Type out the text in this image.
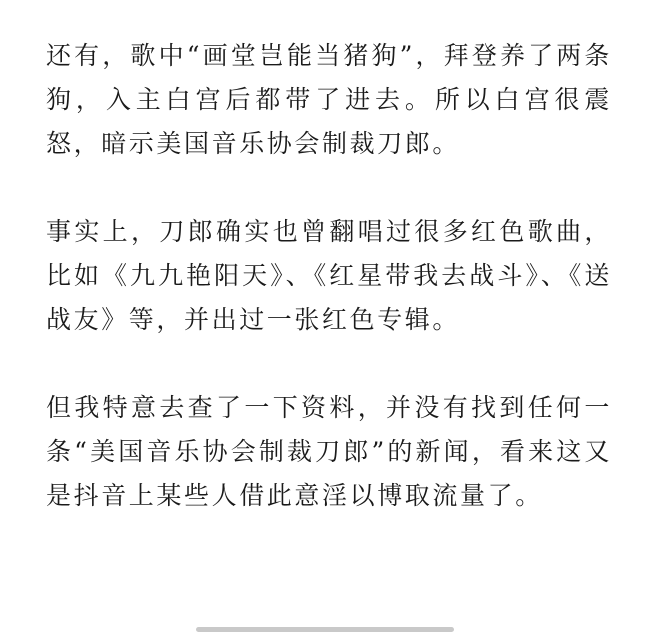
还有，歌中“画堂岂能当猪狗”，拜登养了两条狗，入主白宫后都带了进去。所以白宫很震怒，暗示美国音乐协会制裁刀郎。

事实上，刀郎确实也曾翻唱过很多红色歌曲，比如《九九艳阳天》、《红星带我去战斗》、《送战友》等，并出过一张红色专辑。

但我特意去查了一下资料，并没有找到任何一条“美国音乐协会制裁刀郎”的新闻，看来这又是抖音上某些人借此意淫以博取流量了。
